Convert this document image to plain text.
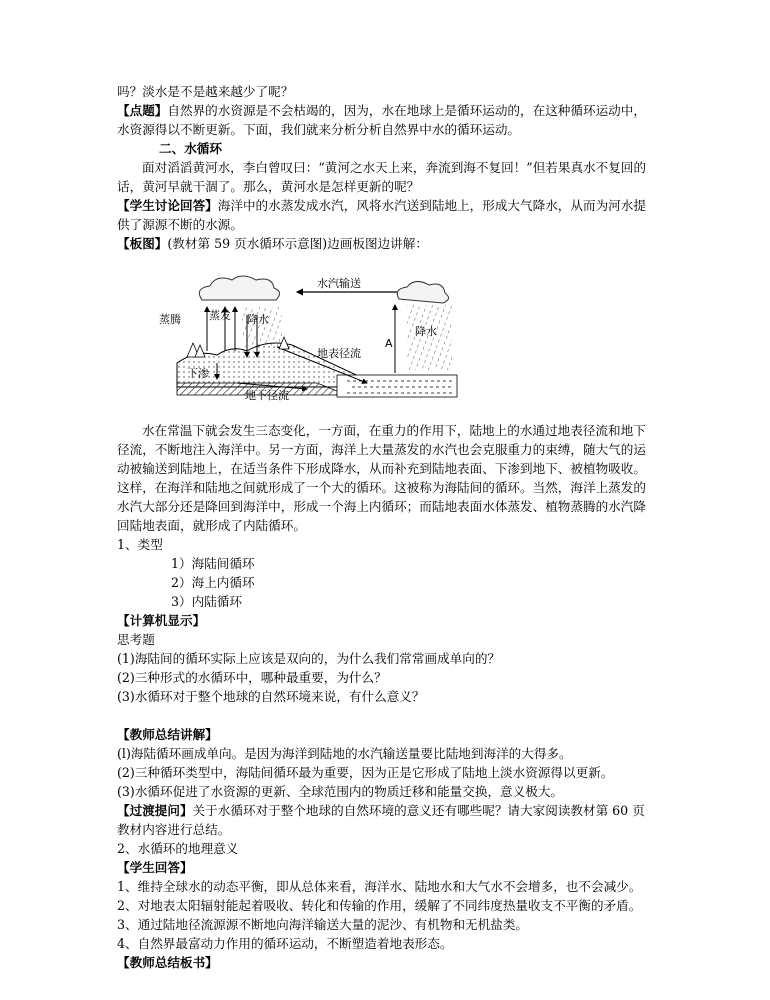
吗？淡水是不是越来越少了呢？

【点题】自然界的水资源是不会枯竭的，因为，水在地球上是循环运动的，在这种循环运动中，水资源得以不断更新。下面，我们就来分析分析自然界中水的循环运动。

二、水循环

面对滔滔黄河水，李白曾叹曰：“黄河之水天上来，奔流到海不复回！”但若果真水不复回的话，黄河早就干涸了。那么，黄河水是怎样更新的呢？

【学生讨论回答】海洋中的水蒸发成水汽，风将水汽送到陆地上，形成大气降水，从而为河水提供了源源不断的水源。

【板图】(教材第 59 页水循环示意图)边画板图边讲解：

水汽输送
A
蒸腾	蒸发 降水
降水
地表径流
下渗
地下径流

水在常温下就会发生三态变化，一方面，在重力的作用下，陆地上的水通过地表径流和地下径流，不断地注入海洋中。另一方面，海洋上大量蒸发的水汽也会克服重力的束缚，随大气的运动被输送到陆地上，在适当条件下形成降水，从而补充到陆地表面、下渗到地下、被植物吸收。这样，在海洋和陆地之间就形成了一个大的循环。这被称为海陆间的循环。当然，海洋上蒸发的水汽大部分还是降回到海洋中，形成一个海上内循环；而陆地表面水体蒸发、植物蒸腾的水汽降回陆地表面，就形成了内陆循环。

1、类型

1）海陆间循环

2）海上内循环

3）内陆循环

【计算机显示】

思考题

(1)海陆间的循环实际上应该是双向的，为什么我们常常画成单向的？

(2)三种形式的水循环中，哪种最重要，为什么？

(3)水循环对于整个地球的自然环境来说，有什么意义？

【教师总结讲解】

(l)海陆循环画成单向。是因为海洋到陆地的水汽输送量要比陆地到海洋的大得多。

(2)三种循环类型中，海陆间循环最为重要，因为正是它形成了陆地上淡水资源得以更新。

(3)水循环促进了水资源的更新、全球范围内的物质迁移和能量交换，意义极大。

【过渡提问】关于水循环对于整个地球的自然环境的意义还有哪些呢？请大家阅读教材第 60 页教材内容进行总结。

2、水循环的地理意义

【学生回答】

1、维持全球水的动态平衡，即从总体来看，海洋水、陆地水和大气水不会增多，也不会减少。

2、对地表太阳辐射能起着吸收、转化和传输的作用，缓解了不同纬度热量收支不平衡的矛盾。

3、通过陆地径流源源不断地向海洋输送大量的泥沙、有机物和无机盐类。

4、自然界最富动力作用的循环运动，不断塑造着地表形态。

【教师总结板书】
